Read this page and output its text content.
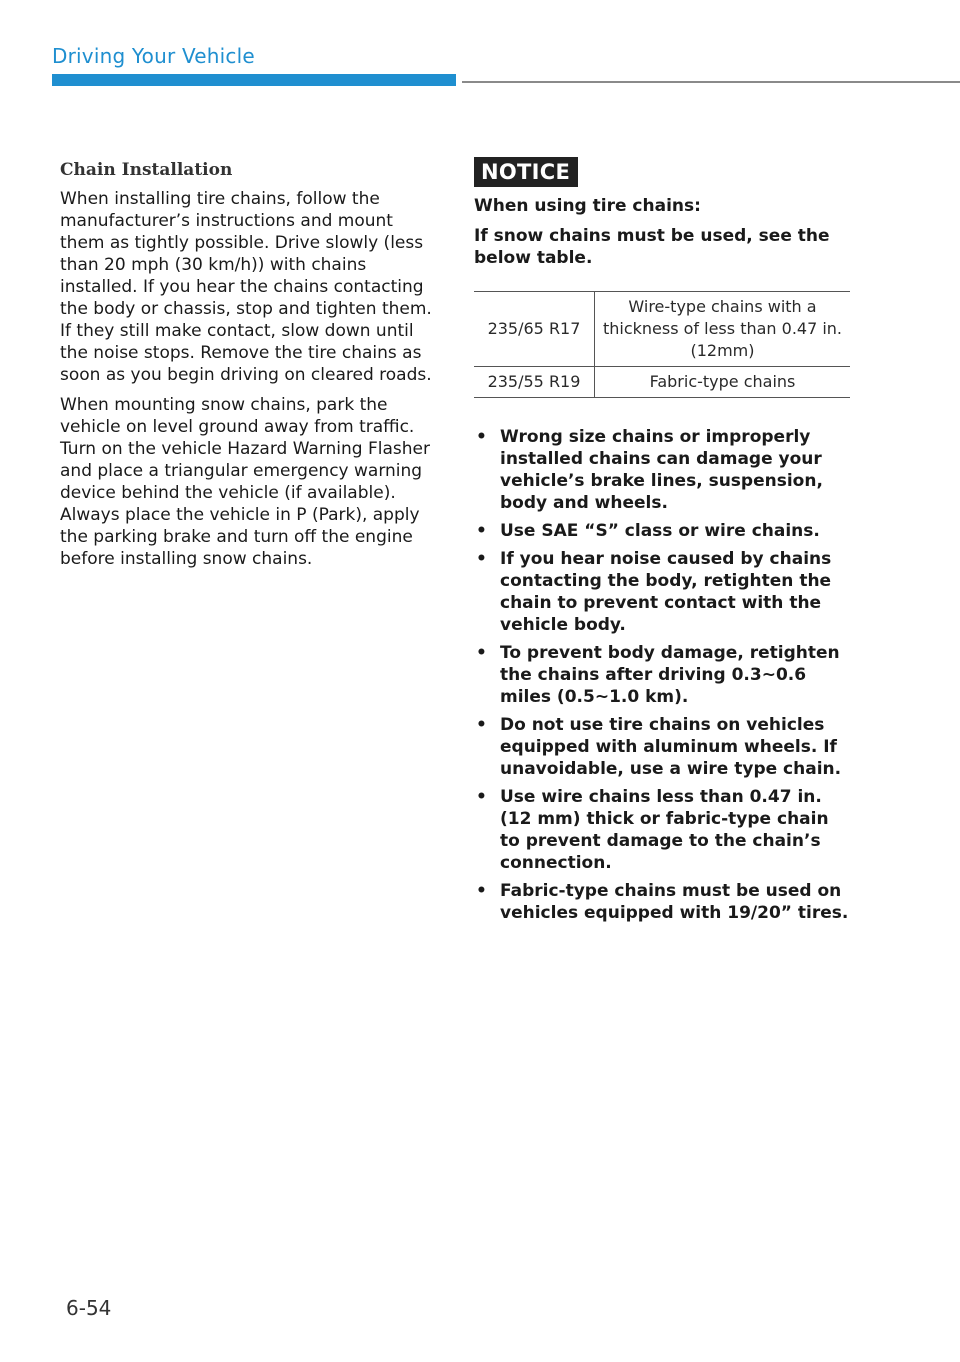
Driving Your Vehicle
Chain Installation

When installing tire chains, follow the manufacturer’s instructions and mount them as tightly possible. Drive slowly (less than 20 mph (30 km/h)) with chains installed. If you hear the chains contacting the body or chassis, stop and tighten them. If they still make contact, slow down until the noise stops. Remove the tire chains as soon as you begin driving on cleared roads.

When mounting snow chains, park the vehicle on level ground away from traffic. Turn on the vehicle Hazard Warning Flasher and place a triangular emergency warning device behind the vehicle (if available). Always place the vehicle in P (Park), apply the parking brake and turn off the engine before installing snow chains.

NOTICE

When using tire chains:

If snow chains must be used, see the below table.

235/65 R17	Wire-type chains with a thickness of less than 0.47 in. (12mm)
235/55 R19	Fabric-type chains
• Wrong size chains or improperly installed chains can damage your vehicle’s brake lines, suspension, body and wheels.
• Use SAE “S” class or wire chains.
• If you hear noise caused by chains contacting the body, retighten the chain to prevent contact with the vehicle body.
• To prevent body damage, retighten the chains after driving 0.3~0.6 miles (0.5~1.0 km).
• Do not use tire chains on vehicles equipped with aluminum wheels. If unavoidable, use a wire type chain.
• Use wire chains less than 0.47 in. (12 mm) thick or fabric-type chain to prevent damage to the chain’s connection.
• Fabric-type chains must be used on vehicles equipped with 19/20” tires.
6-54
